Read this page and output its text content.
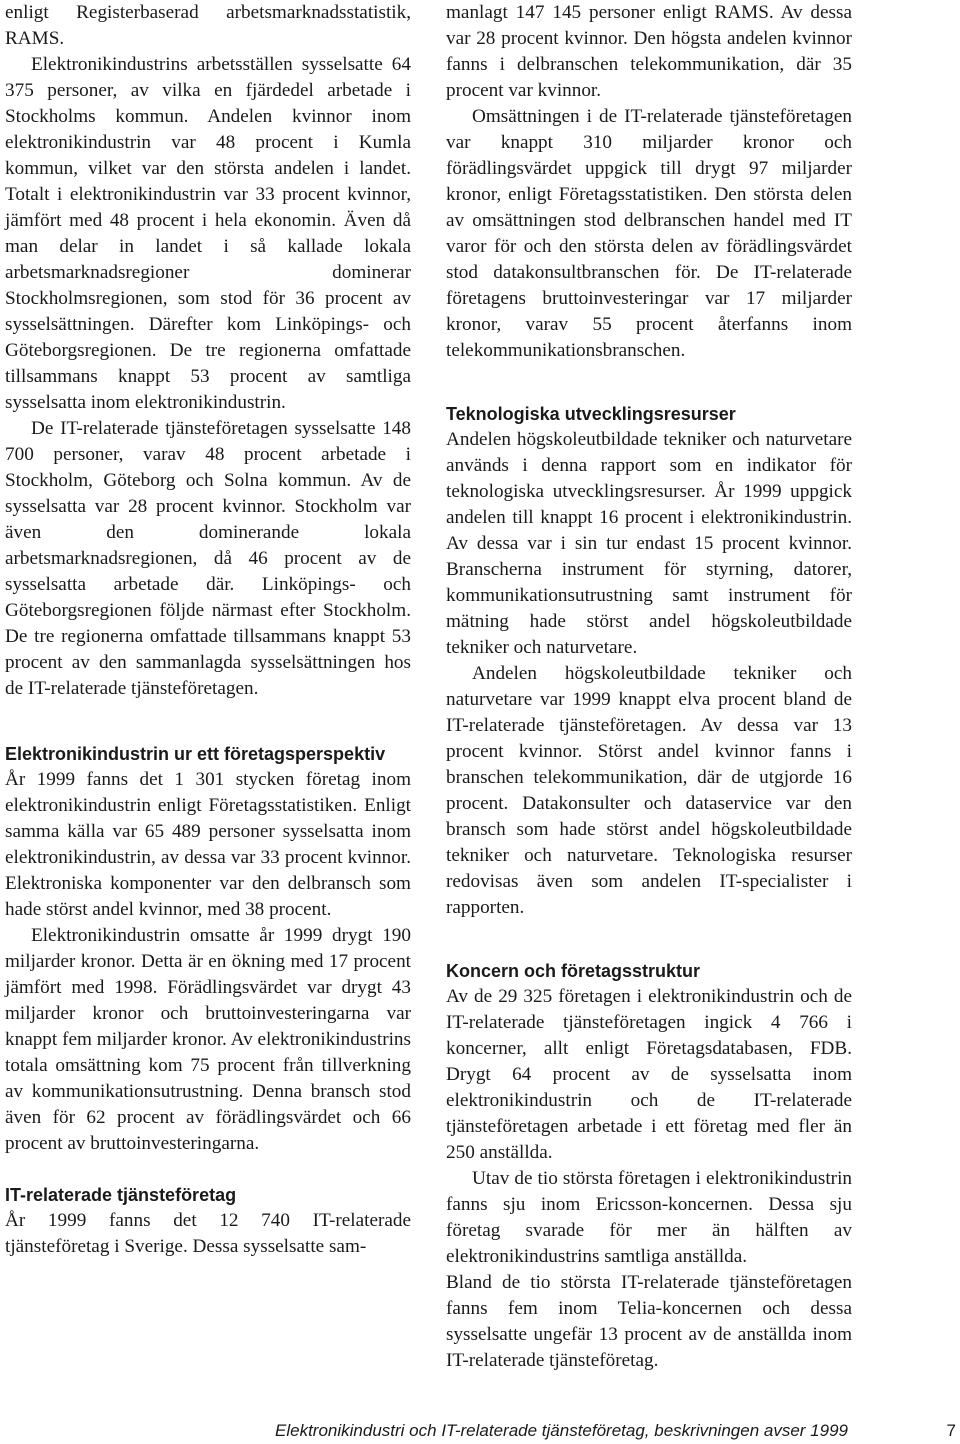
enligt Registerbaserad arbetsmarknadsstatistik, RAMS.

Elektronikindustrins arbetsställen sysselsatte 64 375 personer, av vilka en fjärdedel arbetade i Stockholms kommun. Andelen kvinnor inom elektronikindustrin var 48 procent i Kumla kommun, vilket var den största andelen i landet. Totalt i elektronikindustrin var 33 procent kvinnor, jämfört med 48 procent i hela ekonomin. Även då man delar in landet i så kallade lokala arbetsmarknadsregioner dominerar Stockholmsregionen, som stod för 36 procent av sysselsättningen. Därefter kom Linköpings- och Göteborgsregionen. De tre regionerna omfattade tillsammans knappt 53 procent av samtliga sysselsatta inom elektronikindustrin.

De IT-relaterade tjänsteföretagen sysselsatte 148 700 personer, varav 48 procent arbetade i Stockholm, Göteborg och Solna kommun. Av de sysselsatta var 28 procent kvinnor. Stockholm var även den dominerande lokala arbetsmarknadsregionen, då 46 procent av de sysselsatta arbetade där. Linköpings- och Göteborgsregionen följde närmast efter Stockholm. De tre regionerna omfattade tillsammans knappt 53 procent av den sammanlagda sysselsättningen hos de IT-relaterade tjänsteföretagen.

Elektronikindustrin ur ett företagsperspektiv

År 1999 fanns det 1 301 stycken företag inom elektronikindustrin enligt Företagsstatistiken. Enligt samma källa var 65 489 personer sysselsatta inom elektronikindustrin, av dessa var 33 procent kvinnor. Elektroniska komponenter var den delbransch som hade störst andel kvinnor, med 38 procent.

Elektronikindustrin omsatte år 1999 drygt 190 miljarder kronor. Detta är en ökning med 17 procent jämfört med 1998. Förädlingsvärdet var drygt 43 miljarder kronor och bruttoinvesteringarna var knappt fem miljarder kronor. Av elektronikindustrins totala omsättning kom 75 procent från tillverkning av kommunikationsutrustning. Denna bransch stod även för 62 procent av förädlingsvärdet och 66 procent av bruttoinvesteringarna.

IT-relaterade tjänsteföretag

År 1999 fanns det 12 740 IT-relaterade tjänsteföretag i Sverige. Dessa sysselsatte sam-

manlagt 147 145 personer enligt RAMS. Av dessa var 28 procent kvinnor. Den högsta andelen kvinnor fanns i delbranschen telekommunikation, där 35 procent var kvinnor.

Omsättningen i de IT-relaterade tjänsteföretagen var knappt 310 miljarder kronor och förädlingsvärdet uppgick till drygt 97 miljarder kronor, enligt Företagsstatistiken. Den största delen av omsättningen stod delbranschen handel med IT varor för och den största delen av förädlingsvärdet stod datakonsultbranschen för. De IT-relaterade företagens bruttoinvesteringar var 17 miljarder kronor, varav 55 procent återfanns inom telekommunikationsbranschen.

Teknologiska utvecklingsresurser

Andelen högskoleutbildade tekniker och naturvetare används i denna rapport som en indikator för teknologiska utvecklingsresurser. År 1999 uppgick andelen till knappt 16 procent i elektronikindustrin. Av dessa var i sin tur endast 15 procent kvinnor. Branscherna instrument för styrning, datorer, kommunikationsutrustning samt instrument för mätning hade störst andel högskoleutbildade tekniker och naturvetare.

Andelen högskoleutbildade tekniker och naturvetare var 1999 knappt elva procent bland de IT-relaterade tjänsteföretagen. Av dessa var 13 procent kvinnor. Störst andel kvinnor fanns i branschen telekommunikation, där de utgjorde 16 procent. Datakonsulter och dataservice var den bransch som hade störst andel högskoleutbildade tekniker och naturvetare. Teknologiska resurser redovisas även som andelen IT-specialister i rapporten.

Koncern och företagsstruktur

Av de 29 325 företagen i elektronikindustrin och de IT-relaterade tjänsteföretagen ingick 4 766 i koncerner, allt enligt Företagsdatabasen, FDB. Drygt 64 procent av de sysselsatta inom elektronikindustrin och de IT-relaterade tjänsteföretagen arbetade i ett företag med fler än 250 anställda.

Utav de tio största företagen i elektronikindustrin fanns sju inom Ericsson-koncernen. Dessa sju företag svarade för mer än hälften av elektronikindustrins samtliga anställda.

Bland de tio största IT-relaterade tjänsteföretagen fanns fem inom Telia-koncernen och dessa sysselsatte ungefär 13 procent av de anställda inom IT-relaterade tjänsteföretag.

Elektronikindustri och IT-relaterade tjänsteföretag, beskrivningen avser 1999	7
